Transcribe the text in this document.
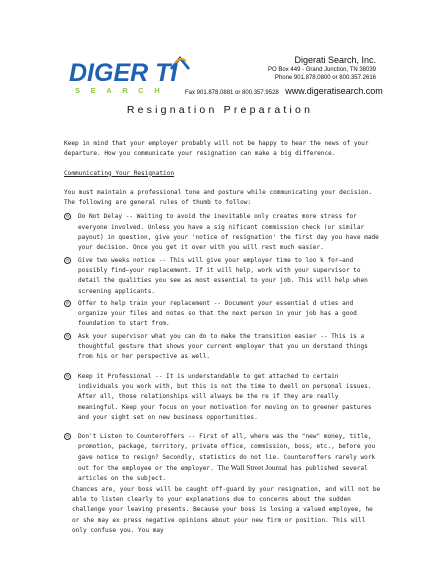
DIGER TI
SEARCH
Digerati Search, Inc.
PO Box 449 - Grand Junction, TN 38039
Phone 901.878.0800 or 800.357.2616
Fax 901.878.0881 or 800.357.9528 www.digeratisearch.com
Resignation Preparation

Keep in mind that your employer probably will not be happy to hear the news of your departure. How you communicate your resignation can make a big difference.

Communicating Your Resignation

You must maintain a professional tone and posture while communicating your decision. The following are general rules of thumb to follow:

☺	Do Not Delay -- Waiting to avoid the inevitable only creates more stress for everyone involved. Unless you have a sig nificant commission check (or similar payout) in question, give your 'notice of resignation' the first day you have made your decision. Once you get it over with you will rest much easier.
☺	Give two weeks notice -- This will give your employer time to loo k for—and possibly find—your replacement. If it will help, work with your supervisor to detail the qualities you see as most essential to your job. This will help when screening applicants.
☺	Offer to help train your replacement -- Document your essential d uties and organize your files and notes so that the next person in your job has a good foundation to start from.
☺	Ask your supervisor what you can do to make the transition easier -- This is a thoughtful gesture that shows your current employer that you un derstand things from his or her perspective as well.
☺	Keep it Professional -- It is understandable to get attached to certain individuals you work with, but this is not the time to dwell on personal issues. After all, those relationships will always be the re if they are really meaningful. Keep your focus on your motivation for moving on to greener pastures and your sight set on new business opportunities.
☺	Don't Listen to Counteroffers -- First of all, where was the "new" money, title, promotion, package, territory, private office, commission, boss, etc., before you gave notice to resign? Secondly, statistics do not lie. Counteroffers rarely work out for the employee or the employer. The Wall Street Journal has published several articles on the subject.

Chances are, your boss will be caught off-guard by your resignation, and will not be able to listen clearly to your explanations due to concerns about the sudden challenge your leaving presents. Because your boss is losing a valued employee, he or she may ex press negative opinions about your new firm or position. This will only confuse you. You may
